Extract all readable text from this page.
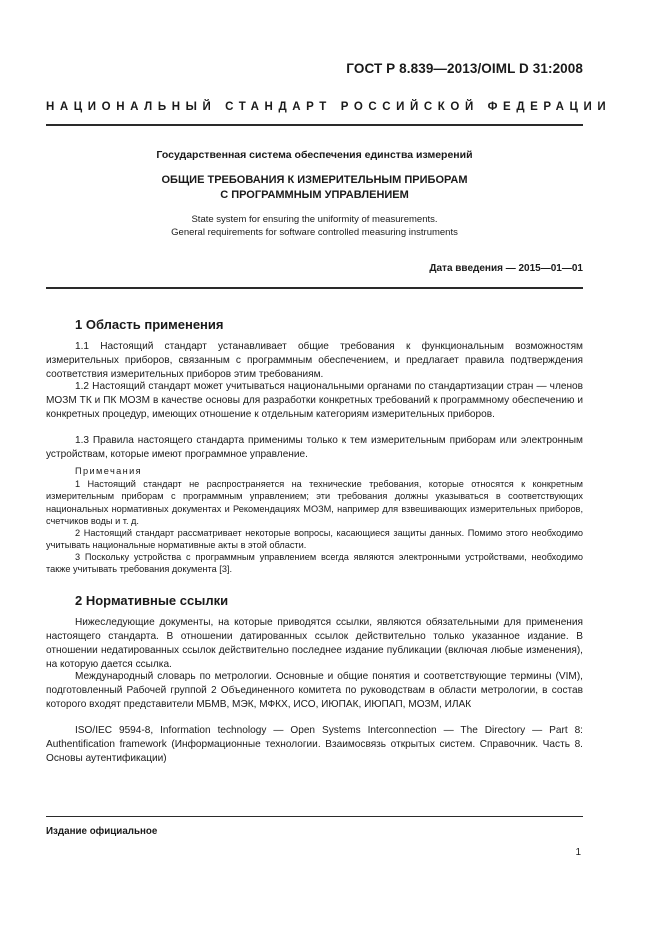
ГОСТ Р 8.839—2013/OIML D 31:2008
НАЦИОНАЛЬНЫЙ СТАНДАРТ РОССИЙСКОЙ ФЕДЕРАЦИИ
Государственная система обеспечения единства измерений
ОБЩИЕ ТРЕБОВАНИЯ К ИЗМЕРИТЕЛЬНЫМ ПРИБОРАМ
С ПРОГРАММНЫМ УПРАВЛЕНИЕМ
State system for ensuring the uniformity of measurements.
General requirements for software controlled measuring instruments
Дата введения — 2015—01—01
1 Область применения
1.1 Настоящий стандарт устанавливает общие требования к функциональным возможностям измерительных приборов, связанным с программным обеспечением, и предлагает правила подтверждения соответствия измерительных приборов этим требованиям.
1.2 Настоящий стандарт может учитываться национальными органами по стандартизации стран — членов МОЗМ ТК и ПК МОЗМ в качестве основы для разработки конкретных требований к программному обеспечению и конкретных процедур, имеющих отношение к отдельным категориям измерительных приборов.
1.3 Правила настоящего стандарта применимы только к тем измерительным приборам или электронным устройствам, которые имеют программное управление.
Примечания
1 Настоящий стандарт не распространяется на технические требования, которые относятся к конкретным измерительным приборам с программным управлением; эти требования должны указываться в соответствующих национальных нормативных документах и Рекомендациях МОЗМ, например для взвешивающих измерительных приборов, счетчиков воды и т. д.
2 Настоящий стандарт рассматривает некоторые вопросы, касающиеся защиты данных. Помимо этого необходимо учитывать национальные нормативные акты в этой области.
3 Поскольку устройства с программным управлением всегда являются электронными устройствами, необходимо также учитывать требования документа [3].
2 Нормативные ссылки
Нижеследующие документы, на которые приводятся ссылки, являются обязательными для применения настоящего стандарта. В отношении датированных ссылок действительно только указанное издание. В отношении недатированных ссылок действительно последнее издание публикации (включая любые изменения), на которую дается ссылка.
Международный словарь по метрологии. Основные и общие понятия и соответствующие термины (VIM), подготовленный Рабочей группой 2 Объединенного комитета по руководствам в области метрологии, в состав которого входят представители МБМВ, МЭК, МФКХ, ИСО, ИЮПАК, ИЮПАП, МОЗМ, ИЛАК
ISO/IEC 9594-8, Information technology — Open Systems Interconnection — The Directory — Part 8: Authentification framework (Информационные технологии. Взаимосвязь открытых систем. Справочник. Часть 8. Основы аутентификации)
Издание официальное
1
